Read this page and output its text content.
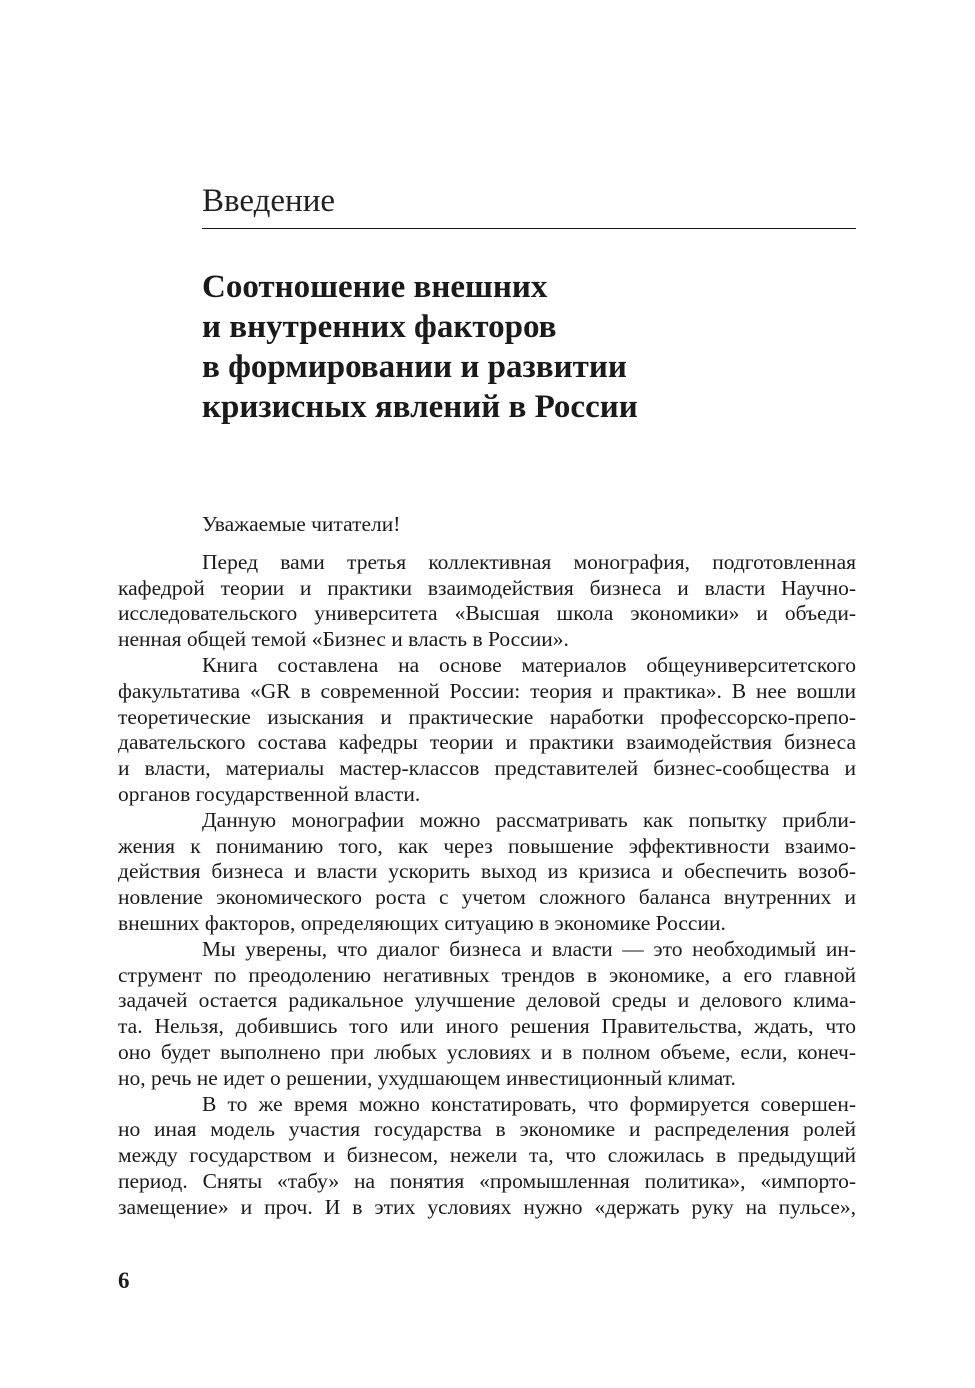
Введение
Соотношение внешних
и внутренних факторов
в формировании и развитии
кризисных явлений в России
Уважаемые читатели!
Перед вами третья коллективная монография, подготовленная
кафедрой теории и практики взаимодействия бизнеса и власти Научно-
исследовательского университета «Высшая школа экономики» и объеди-
ненная общей темой «Бизнес и власть в России».
Книга составлена на основе материалов общеуниверситетского
факультатива «GR в современной России: теория и практика». В нее вошли
теоретические изыскания и практические наработки профессорско-препо-
давательского состава кафедры теории и практики взаимодействия бизнеса
и власти, материалы мастер-классов представителей бизнес-сообщества и
органов государственной власти.
Данную монографии можно рассматривать как попытку прибли-
жения к пониманию того, как через повышение эффективности взаимо-
действия бизнеса и власти ускорить выход из кризиса и обеспечить возоб-
новление экономического роста с учетом сложного баланса внутренних и
внешних факторов, определяющих ситуацию в экономике России.
Мы уверены, что диалог бизнеса и власти — это необходимый ин-
струмент по преодолению негативных трендов в экономике, а его главной
задачей остается радикальное улучшение деловой среды и делового клима-
та. Нельзя, добившись того или иного решения Правительства, ждать, что
оно будет выполнено при любых условиях и в полном объеме, если, конеч-
но, речь не идет о решении, ухудшающем инвестиционный климат.
В то же время можно констатировать, что формируется совершен-
но иная модель участия государства в экономике и распределения ролей
между государством и бизнесом, нежели та, что сложилась в предыдущий
период. Сняты «табу» на понятия «промышленная политика», «импорто-
замещение» и проч. И в этих условиях нужно «держать руку на пульсе»,
6
